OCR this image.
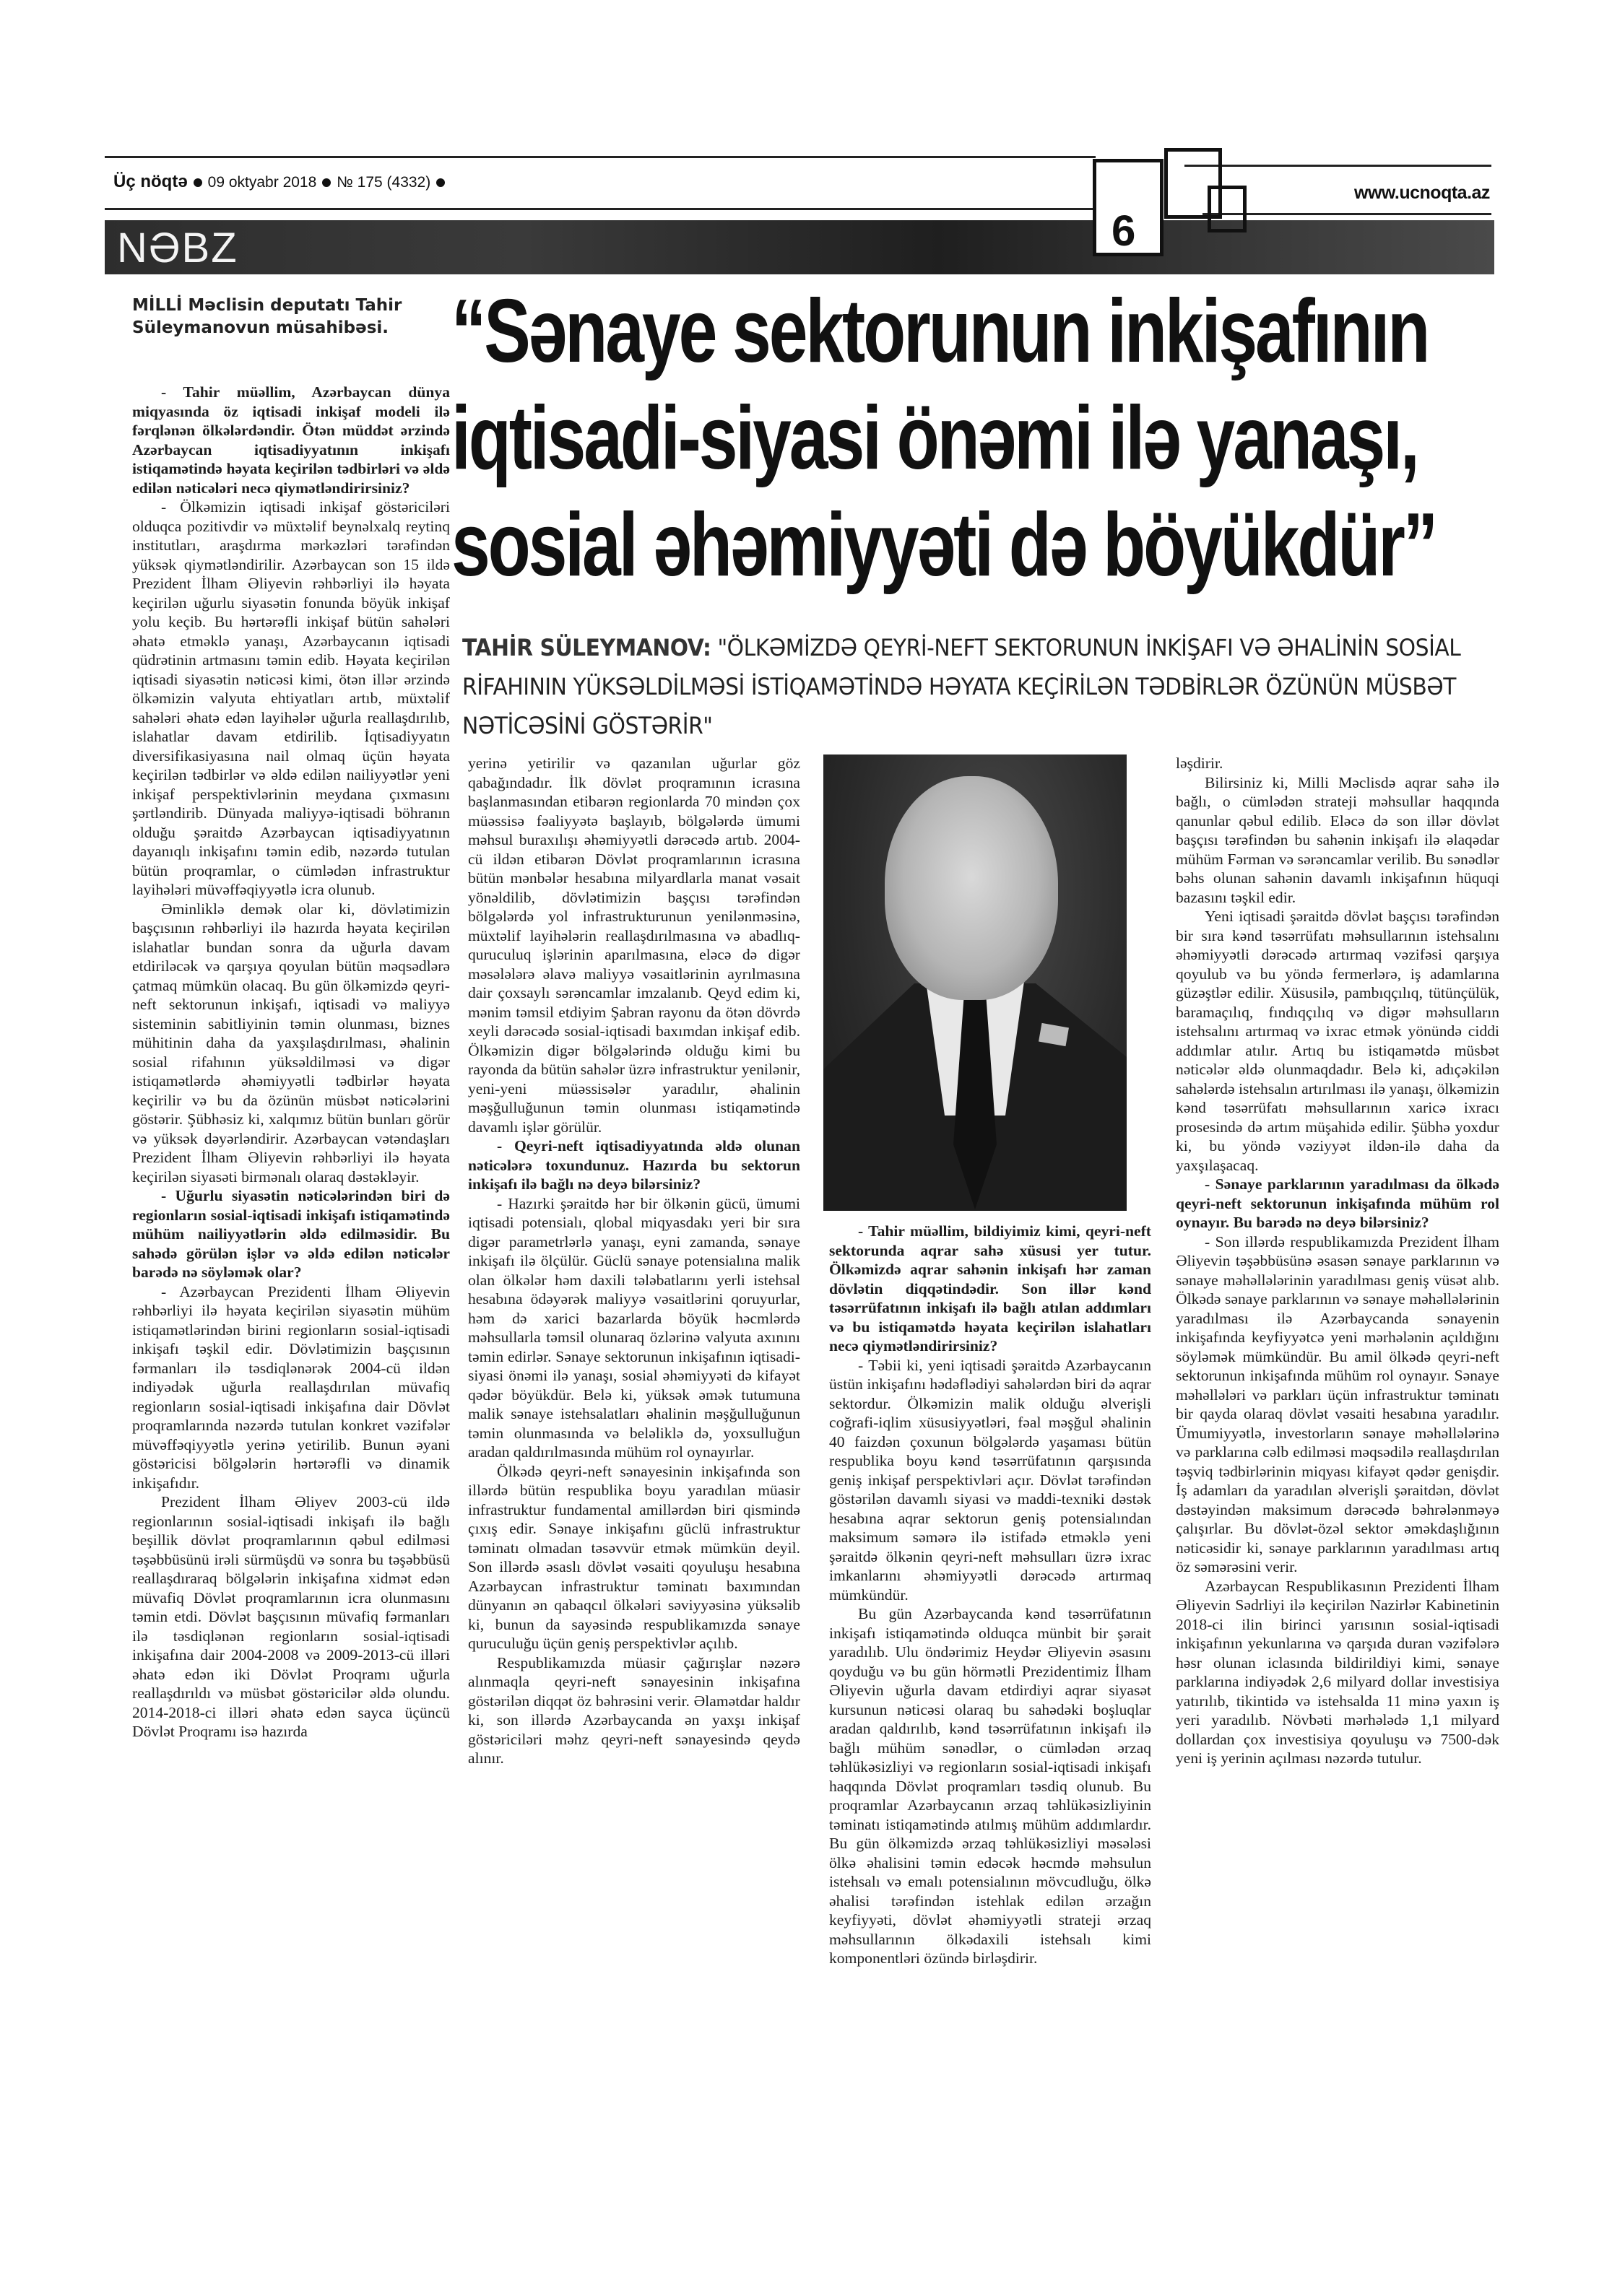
Üç nöqtə 09 oktyabr 2018 № 175 (4332)
www.ucnoqta.az
NƏBZ	6
MİLLİ Məclisin deputatı Tahir Süleymanovun müsahibəsi. “Sənaye sektorunun inkişafının
iqtisadi-siyasi önəmi ilə yanaşı,
sosial əhəmiyyəti də böyükdür”
TAHİR SÜLEYMANOV: "ÖLKƏMİZDƏ QEYRİ-NEFT SEKTORUNUN İNKİŞAFI VƏ ƏHALİNİN SOSİAL RİFAHININ YÜKSƏLDİLMƏSİ İSTİQAMƏTİNDƏ HƏYATA KEÇİRİLƏN TƏDBİRLƏR ÖZÜNÜN MÜSBƏT NƏTİCƏSİNİ GÖSTƏRİR"

- Tahir müəllim, Azərbaycan dünya miqyasında öz iqtisadi inkişaf modeli ilə fərqlənən ölkələrdəndir. Ötən müddət ərzində Azərbaycan iqtisadiyyatının inkişafı istiqamətində həyata keçirilən tədbirləri və əldə edilən nəticələri necə qiymətləndirirsiniz?

- Ölkəmizin iqtisadi inkişaf göstəriciləri olduqca pozitivdir və müxtəlif beynəlxalq reytinq institutları, araşdırma mərkəzləri tərəfindən yüksək qiymətləndirilir. Azərbaycan son 15 ildə Prezident İlham Əliyevin rəhbərliyi ilə həyata keçirilən uğurlu siyasətin fonunda böyük inkişaf yolu keçib. Bu hərtərəfli inkişaf bütün sahələri əhatə etməklə yanaşı, Azərbaycanın iqtisadi qüdrətinin artmasını təmin edib. Həyata keçirilən iqtisadi siyasətin nəticəsi kimi, ötən illər ərzində ölkəmizin valyuta ehtiyatları artıb, müxtəlif sahələri əhatə edən layihələr uğurla reallaşdırılıb, islahatlar davam etdirilib. İqtisadiyyatın diversifikasiyasına nail olmaq üçün həyata keçirilən tədbirlər və əldə edilən nailiyyətlər yeni inkişaf perspektivlərinin meydana çıxmasını şərtləndirib. Dünyada maliyyə-iqtisadi böhranın olduğu şəraitdə Azərbaycan iqtisadiyyatının dayanıqlı inkişafını təmin edib, nəzərdə tutulan bütün proqramlar, o cümlədən infrastruktur layihələri müvəffəqiyyətlə icra olunub.

Əminliklə demək olar ki, dövlətimizin başçısının rəhbərliyi ilə hazırda həyata keçirilən islahatlar bundan sonra da uğurla davam etdiriləcək və qarşıya qoyulan bütün məqsədlərə çatmaq mümkün olacaq. Bu gün ölkəmizdə qeyri-neft sektorunun inkişafı, iqtisadi və maliyyə sisteminin sabitliyinin təmin olunması, biznes mühitinin daha da yaxşılaşdırılması, əhalinin sosial rifahının yüksəldilməsi və digər istiqamətlərdə əhəmiyyətli tədbirlər həyata keçirilir və bu da özünün müsbət nəticələrini göstərir. Şübhəsiz ki, xalqımız bütün bunları görür və yüksək dəyərləndirir. Azərbaycan vətəndaşları Prezident İlham Əliyevin rəhbərliyi ilə həyata keçirilən siyasəti birmənalı olaraq dəstəkləyir.

- Uğurlu siyasətin nəticələrindən biri də regionların sosial-iqtisadi inkişafı istiqamətində mühüm nailiyyətlərin əldə edilməsidir. Bu sahədə görülən işlər və əldə edilən nəticələr barədə nə söyləmək olar?

- Azərbaycan Prezidenti İlham Əliyevin rəhbərliyi ilə həyata keçirilən siyasətin mühüm istiqamətlərindən birini regionların sosial-iqtisadi inkişafı təşkil edir. Dövlətimizin başçısının fərmanları ilə təsdiqlənərək 2004-cü ildən indiyədək uğurla reallaşdırılan müvafiq regionların sosial-iqtisadi inkişafına dair Dövlət proqramlarında nəzərdə tutulan konkret vəzifələr müvəffəqiyyətlə yerinə yetirilib. Bunun əyani göstəricisi bölgələrin hərtərəfli və dinamik inkişafıdır.

Prezident İlham Əliyev 2003-cü ildə regionlarının sosial-iqtisadi inkişafı ilə bağlı beşillik dövlət proqramlarının qəbul edilməsi təşəbbüsünü irəli sürmüşdü və sonra bu təşəbbüsü reallaşdıraraq bölgələrin inkişafına xidmət edən müvafiq Dövlət proqramlarının icra olunmasını təmin etdi. Dövlət başçısının müvafiq fərmanları ilə təsdiqlənən regionların sosial-iqtisadi inkişafına dair 2004-2008 və 2009-2013-cü illəri əhatə edən iki Dövlət Proqramı uğurla reallaşdırıldı və müsbət göstəricilər əldə olundu. 2014-2018-ci illəri əhatə edən sayca üçüncü Dövlət Proqramı isə hazırda

yerinə yetirilir və qazanılan uğurlar göz qabağındadır. İlk dövlət proqramının icrasına başlanmasından etibarən regionlarda 70 mindən çox müəssisə fəaliyyətə başlayıb, bölgələrdə ümumi məhsul buraxılışı əhəmiyyətli dərəcədə artıb. 2004-cü ildən etibarən Dövlət proqramlarının icrasına bütün mənbələr hesabına milyardlarla manat vəsait yönəldilib, dövlətimizin başçısı tərəfindən bölgələrdə yol infrastrukturunun yenilənməsinə, müxtəlif layihələrin reallaşdırılmasına və abadlıq-quruculuq işlərinin aparılmasına, eləcə də digər məsələlərə əlavə maliyyə vəsaitlərinin ayrılmasına dair çoxsaylı sərəncamlar imzalanıb. Qeyd edim ki, mənim təmsil etdiyim Şabran rayonu da ötən dövrdə xeyli dərəcədə sosial-iqtisadi baxımdan inkişaf edib. Ölkəmizin digər bölgələrində olduğu kimi bu rayonda da bütün sahələr üzrə infrastruktur yenilənir, yeni-yeni müəssisələr yaradılır, əhalinin məşğulluğunun təmin olunması istiqamətində davamlı işlər görülür.

- Qeyri-neft iqtisadiyyatında əldə olunan nəticələrə toxundunuz. Hazırda bu sektorun inkişafı ilə bağlı nə deyə bilərsiniz?

- Hazırki şəraitdə hər bir ölkənin gücü, ümumi iqtisadi potensialı, qlobal miqyasdakı yeri bir sıra digər parametrlərlə yanaşı, eyni zamanda, sənaye inkişafı ilə ölçülür. Güclü sənaye potensialına malik olan ölkələr həm daxili tələbatlarını yerli istehsal hesabına ödəyərək maliyyə vəsaitlərini qoruyurlar, həm də xarici bazarlarda böyük həcmlərdə məhsullarla təmsil olunaraq özlərinə valyuta axınını təmin edirlər. Sənaye sektorunun inkişafının iqtisadi-siyasi önəmi ilə yanaşı, sosial əhəmiyyəti də kifayət qədər böyükdür. Belə ki, yüksək əmək tutumuna malik sənaye istehsalatları əhalinin məşğulluğunun təmin olunmasında və beləliklə də, yoxsulluğun aradan qaldırılmasında mühüm rol oynayırlar.

Ölkədə qeyri-neft sənayesinin inkişafında son illərdə bütün respublika boyu yaradılan müasir infrastruktur fundamental amillərdən biri qismində çıxış edir. Sənaye inkişafını güclü infrastruktur təminatı olmadan təsəvvür etmək mümkün deyil. Son illərdə əsaslı dövlət vəsaiti qoyuluşu hesabına Azərbaycan infrastruktur təminatı baxımından dünyanın ən qabaqcıl ölkələri səviyyəsinə yüksəlib ki, bunun da sayəsində respublikamızda sənaye quruculuğu üçün geniş perspektivlər açılıb.

Respublikamızda müasir çağırışlar nəzərə alınmaqla qeyri-neft sənayesinin inkişafına göstərilən diqqət öz bəhrəsini verir. Əlamətdar haldır ki, son illərdə Azərbaycanda ən yaxşı inkişaf göstəriciləri məhz qeyri-neft sənayesində qeydə alınır.

- Tahir müəllim, bildiyimiz kimi, qeyri-neft sektorunda aqrar sahə xüsusi yer tutur. Ölkəmizdə aqrar sahənin inkişafı hər zaman dövlətin diqqətindədir. Son illər kənd təsərrüfatının inkişafı ilə bağlı atılan addımları və bu istiqamətdə həyata keçirilən islahatları necə qiymətləndirirsiniz?

- Təbii ki, yeni iqtisadi şəraitdə Azərbaycanın üstün inkişafını hədəflədiyi sahələrdən biri də aqrar sektordur. Ölkəmizin malik olduğu əlverişli coğrafi-iqlim xüsusiyyətləri, fəal məşğul əhalinin 40 faizdən çoxunun bölgələrdə yaşaması bütün respublika boyu kənd təsərrüfatının qarşısında geniş inkişaf perspektivləri açır. Dövlət tərəfindən göstərilən davamlı siyasi və maddi-texniki dəstək hesabına aqrar sektorun geniş potensialından maksimum səmərə ilə istifadə etməklə yeni şəraitdə ölkənin qeyri-neft məhsulları üzrə ixrac imkanlarını əhəmiyyətli dərəcədə artırmaq mümkündür.

Bu gün Azərbaycanda kənd təsərrüfatının inkişafı istiqamətində olduqca münbit bir şərait yaradılıb. Ulu öndərimiz Heydər Əliyevin əsasını qoyduğu və bu gün hörmətli Prezidentimiz İlham Əliyevin uğurla davam etdirdiyi aqrar siyasət kursunun nəticəsi olaraq bu sahədəki boşluqlar aradan qaldırılıb, kənd təsərrüfatının inkişafı ilə bağlı mühüm sənədlər, o cümlədən ərzaq təhlükəsizliyi və regionların sosial-iqtisadi inkişafı haqqında Dövlət proqramları təsdiq olunub. Bu proqramlar Azərbaycanın ərzaq təhlükəsizliyinin təminatı istiqamətində atılmış mühüm addımlardır. Bu gün ölkəmizdə ərzaq təhlükəsizliyi məsələsi ölkə əhalisini təmin edəcək həcmdə məhsulun istehsalı və emalı potensialının mövcudluğu, ölkə əhalisi tərəfindən istehlak edilən ərzağın keyfiyyəti, dövlət əhəmiyyətli strateji ərzaq məhsullarının ölkədaxili istehsalı kimi komponentləri özündə birləşdirir.

ləşdirir.

Bilirsiniz ki, Milli Məclisdə aqrar sahə ilə bağlı, o cümlədən strateji məhsullar haqqında qanunlar qəbul edilib. Eləcə də son illər dövlət başçısı tərəfindən bu sahənin inkişafı ilə əlaqədar mühüm Fərman və sərəncamlar verilib. Bu sənədlər bəhs olunan sahənin davamlı inkişafının hüquqi bazasını təşkil edir.

Yeni iqtisadi şəraitdə dövlət başçısı tərəfindən bir sıra kənd təsərrüfatı məhsullarının istehsalını əhəmiyyətli dərəcədə artırmaq vəzifəsi qarşıya qoyulub və bu yöndə fermerlərə, iş adamlarına güzəştlər edilir. Xüsusilə, pambıqçılıq, tütünçülük, baramaçılıq, fındıqçılıq və digər məhsulların istehsalını artırmaq və ixrac etmək yönündə ciddi addımlar atılır. Artıq bu istiqamətdə müsbət nəticələr əldə olunmaqdadır. Belə ki, adıçəkilən sahələrdə istehsalın artırılması ilə yanaşı, ölkəmizin kənd təsərrüfatı məhsullarının xaricə ixracı prosesində də artım müşahidə edilir. Şübhə yoxdur ki, bu yöndə vəziyyət ildən-ilə daha da yaxşılaşacaq.

- Sənaye parklarının yaradılması da ölkədə qeyri-neft sektorunun inkişafında mühüm rol oynayır. Bu barədə nə deyə bilərsiniz?

- Son illərdə respublikamızda Prezident İlham Əliyevin təşəbbüsünə əsasən sənaye parklarının və sənaye məhəllələrinin yaradılması geniş vüsət alıb. Ölkədə sənaye parklarının və sənaye məhəllələrinin yaradılması ilə Azərbaycanda sənayenin inkişafında keyfiyyətcə yeni mərhələnin açıldığını söyləmək mümkündür. Bu amil ölkədə qeyri-neft sektorunun inkişafında mühüm rol oynayır. Sənaye məhəllələri və parkları üçün infrastruktur təminatı bir qayda olaraq dövlət vəsaiti hesabına yaradılır. Ümumiyyətlə, investorların sənaye məhəllələrinə və parklarına cəlb edilməsi məqsədilə reallaşdırılan təşviq tədbirlərinin miqyası kifayət qədər genişdir. İş adamları da yaradılan əlverişli şəraitdən, dövlət dəstəyindən maksimum dərəcədə bəhrələnməyə çalışırlar. Bu dövlət-özəl sektor əməkdaşlığının nəticəsidir ki, sənaye parklarının yaradılması artıq öz səmərəsini verir.

Azərbaycan Respublikasının Prezidenti İlham Əliyevin Sədrliyi ilə keçirilən Nazirlər Kabinetinin 2018-ci ilin birinci yarısının sosial-iqtisadi inkişafının yekunlarına və qarşıda duran vəzifələrə həsr olunan iclasında bildirildiyi kimi, sənaye parklarına indiyədək 2,6 milyard dollar investisiya yatırılıb, tikintidə və istehsalda 11 minə yaxın iş yeri yaradılıb. Növbəti mərhələdə 1,1 milyard dollardan çox investisiya qoyuluşu və 7500-dək yeni iş yerinin açılması nəzərdə tutulur.
